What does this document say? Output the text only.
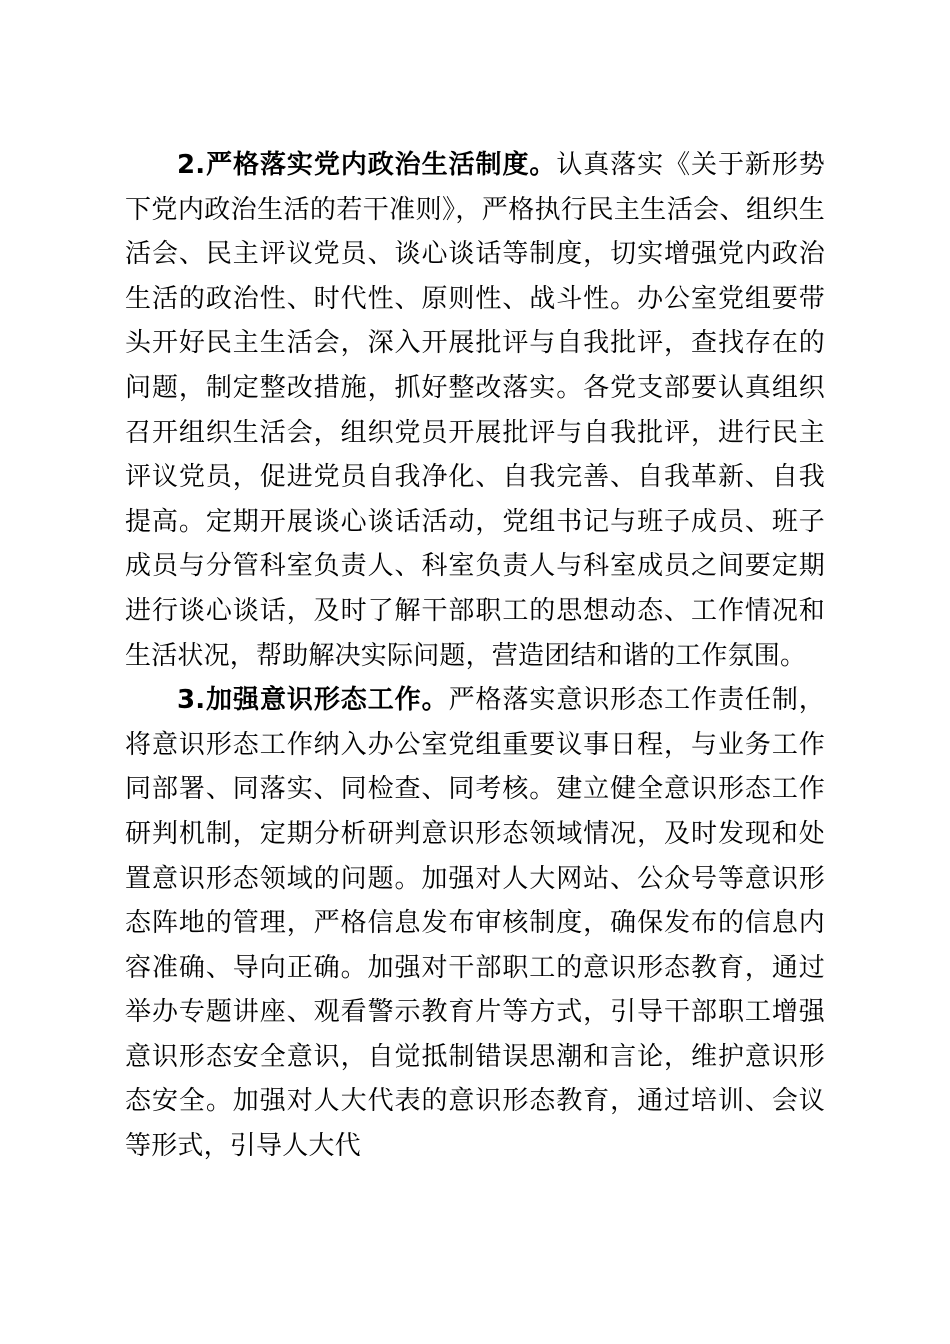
2.严格落实党内政治生活制度。认真落实《关于新形势下党内政治生活的若干准则》，严格执行民主生活会、组织生活会、民主评议党员、谈心谈话等制度，切实增强党内政治生活的政治性、时代性、原则性、战斗性。办公室党组要带头开好民主生活会，深入开展批评与自我批评，查找存在的问题，制定整改措施，抓好整改落实。各党支部要认真组织召开组织生活会，组织党员开展批评与自我批评，进行民主评议党员，促进党员自我净化、自我完善、自我革新、自我提高。定期开展谈心谈话活动，党组书记与班子成员、班子成员与分管科室负责人、科室负责人与科室成员之间要定期进行谈心谈话，及时了解干部职工的思想动态、工作情况和生活状况，帮助解决实际问题，营造团结和谐的工作氛围。

3.加强意识形态工作。严格落实意识形态工作责任制，将意识形态工作纳入办公室党组重要议事日程，与业务工作同部署、同落实、同检查、同考核。建立健全意识形态工作研判机制，定期分析研判意识形态领域情况，及时发现和处置意识形态领域的问题。加强对人大网站、公众号等意识形态阵地的管理，严格信息发布审核制度，确保发布的信息内容准确、导向正确。加强对干部职工的意识形态教育，通过举办专题讲座、观看警示教育片等方式，引导干部职工增强意识形态安全意识，自觉抵制错误思潮和言论，维护意识形态安全。加强对人大代表的意识形态教育，通过培训、会议等形式，引导人大代
